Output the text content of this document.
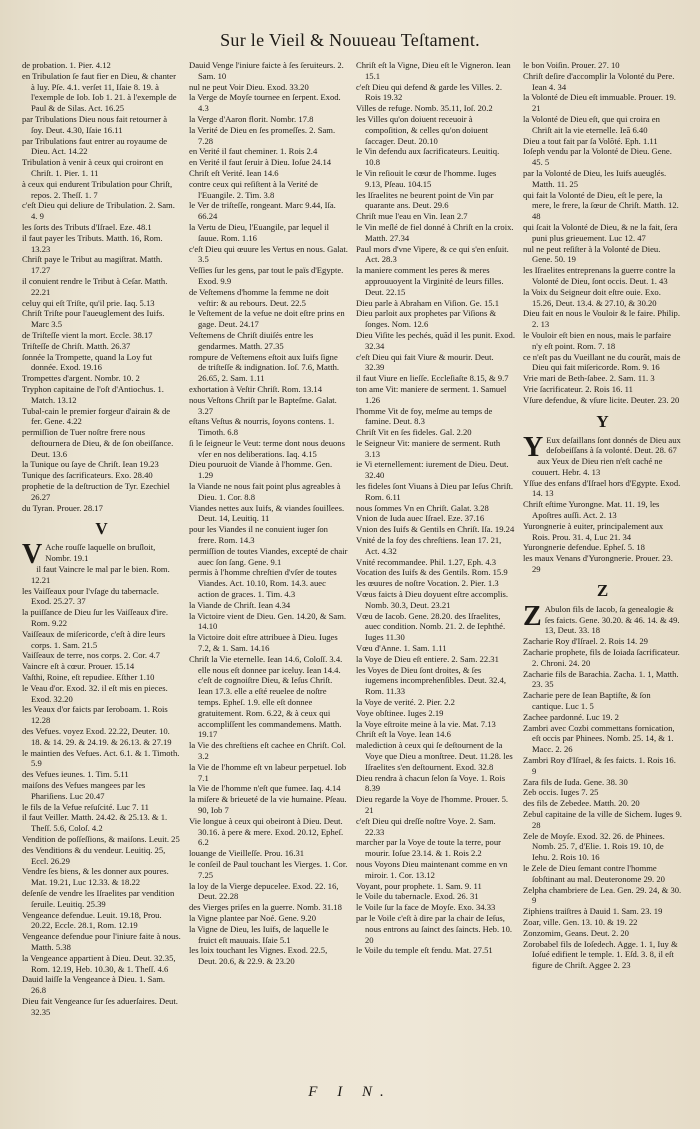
Sur le Vieil & Nouueau Teſtament.

de probation. 1. Pier. 4.12

en Tribulation ſe faut fier en Dieu, & chanter à luy. Pſe. 4.1. verſet 11, Iſaie 8. 19. à l'exemple de Iob. Iob 1. 21. à l'exemple de Paul & de Silas. Act. 16.25

par Tribulations Dieu nous fait retourner à ſoy. Deut. 4.30, Iſaie 16.11

par Tribulations faut entrer au royaume de Dieu. Act. 14.22

Tribulation à venir à ceux qui croiront en Chriſt. 1. Pier. 1. 11

à ceux qui endurent Tribulation pour Chriſt, repos. 2. Theſſ. 1. 7

c'eſt Dieu qui deliure de Tribulation. 2. Sam. 4. 9

les ſorts des Tributs d'Iſrael. Eze. 48.1

il faut payer les Tributs. Matth. 16, Rom. 13.23

Chriſt paye le Tribut au magiſtrat. Matth. 17.27

il conuient rendre le Tribut à Ceſar. Matth. 22.21

celuy qui eſt Triſte, qu'il prie. Iaq. 5.13

Chriſt Triſte pour l'aueuglement des Iuifs. Marc 3.5

de Triſteſſe vient la mort. Eccle. 38.17

Triſteſſe de Chriſt. Matth. 26.37

ſonnée la Trompette, quand la Loy fut donnée. Exod. 19.16

Trompettes d'argent. Nombr. 10. 2

Tryphon capitaine de l'oſt d'Antiochus. 1. Match. 13.12

Tubal-cain le premier forgeur d'airain & de fer. Gene. 4.22

permiſſion de Tuer noſtre frere nous deſtournera de Dieu, & de ſon obeiſſance. Deut. 13.6

la Tunique ou ſaye de Chriſt. Iean 19.23

Tunique des ſacrificateurs. Exo. 28.40

prophetie de la deſtruction de Tyr. Ezechiel 26.27

du Tyran. Prouer. 28.17

V

V Ache rouſſe laquelle on bruſloit, Nombr. 19.1

il faut Vaincre le mal par le bien. Rom. 12.21

les Vaiſſeaux pour l'vſage du tabernacle. Exod. 25.27. 37

la puiſſance de Dieu ſur les Vaiſſeaux d'ire. Rom. 9.22

Vaiſſeaux de miſericorde, c'eſt à dire leurs corps. 1. Sam. 21.5

Vaiſſeaux de terre, nos corps. 2. Cor. 4.7

Vaincre eſt à cœur. Prouer. 15.14

Vaſthi, Roine, eſt repudiee. Eſther 1.10

le Veau d'or. Exod. 32. il eſt mis en pieces. Exod. 32.20

les Veaux d'or faicts par Ieroboam. 1. Rois 12.28

des Vefues. voyez Exod. 22.22, Deuter. 10. 18. & 14. 29. & 24.19. & 26.13. & 27.19

le maintien des Vefues. Act. 6.1. & 1. Timoth. 5.9

des Vefues ieunes. 1. Tim. 5.11

maiſons des Vefues mangees par les Phariſiens. Luc 20.47

le fils de la Vefue reſuſcité. Luc 7. 11

il faut Veiller. Matth. 24.42. & 25.13. & 1. Theſſ. 5.6, Coloſ. 4.2

Vendition de poſſeſſions, & maiſons. Leuit. 25

des Venditions & du vendeur. Leuitiq. 25, Eccl. 26.29

Vendre ſes biens, & les donner aux poures. Mat. 19.21, Luc 12.33. & 18.22

deſenſe de vendre les Iſraelites par vendition ſeruile. Leuitiq. 25.39

Vengeance defendue. Leuit. 19.18, Prou. 20.22, Eccle. 28.1, Rom. 12.19

Vengeance defendue pour l'iniure faite à nous. Matth. 5.38

la Vengeance appartient à Dieu. Deut. 32.35, Rom. 12.19, Heb. 10.30, & 1. Theſſ. 4.6

Dauid laiſſe la Vengeance à Dieu. 1. Sam. 26.8

Dieu fait Vengeance ſur ſes aduerſaires. Deut. 32.35

Dauid Venge l'iniure faicte à ſes ſeruiteurs. 2. Sam. 10

nul ne peut Voir Dieu. Exod. 33.20

la Verge de Moyſe tournee en ſerpent. Exod. 4.3

la Verge d'Aaron florit. Nombr. 17.8

la Verité de Dieu en ſes promeſſes. 2. Sam. 7.28

en Verité il faut cheminer. 1. Rois 2.4

en Verité il faut ſeruir à Dieu. Ioſue 24.14

Chriſt eſt Verité. Iean 14.6

contre ceux qui reſiſtent à la Verité de l'Euangile. 2. Tim. 3.8

le Ver de triſteſſe, rongeant. Marc 9.44, Iſa. 66.24

la Vertu de Dieu, l'Euangile, par lequel il ſauue. Rom. 1.16

c'eſt Dieu qui œuure les Vertus en nous. Galat. 3.5

Veſſies ſur les gens, par tout le païs d'Egypte. Exod. 9.9

de Veſtemens d'homme la femme ne doit veſtir: & au rebours. Deut. 22.5

le Veſtement de la vefue ne doit eſtre prins en gage. Deut. 24.17

Veſtemens de Chriſt diuiſés entre les gendarmes. Matth. 27.35

rompure de Veſtemens eſtoit aux Iuifs ſigne de triſteſſe & indignation. Ioſ. 7.6, Matth. 26.65, 2. Sam. 1.11

exhortation à Veſtir Chriſt. Rom. 13.14

nous Veſtons Chriſt par le Bapteſme. Galat. 3.27

eſtans Veſtus & nourris, ſoyons contens. 1. Timoth. 6.8

ſi le ſeigneur le Veut: terme dont nous deuons vſer en nos deliberations. Iaq. 4.15

Dieu pouruoit de Viande à l'homme. Gen. 1.29

la Viande ne nous fait point plus agreables à Dieu. 1. Cor. 8.8

Viandes nettes aux Iuifs, & viandes ſouillees. Deut. 14, Leuitiq. 11

pour les Viandes il ne conuient iuger ſon frere. Rom. 14.3

permiſſion de toutes Viandes, excepté de chair auec ſon ſang. Gene. 9.1

permis à l'homme chreſtien d'vſer de toutes Viandes. Act. 10.10, Rom. 14.3. auec action de graces. 1. Tim. 4.3

la Viande de Chriſt. Iean 4.34

la Victoire vient de Dieu. Gen. 14.20, & Sam. 14.10

la Victoire doit eſtre attribuee à Dieu. Iuges 7.2, & 1. Sam. 14.16

Chriſt la Vie eternelle. Iean 14.6, Coloſſ. 3.4. elle nous eſt donnee par iceluy. Iean 14.4. c'eſt de cognoiſtre Dieu, & Ieſus Chriſt. Iean 17.3. elle a eſté reuelee de noſtre temps. Epheſ. 1.9. elle eſt donnee gratuitement. Rom. 6.22, & à ceux qui accompliſſent les commandemens. Matth. 19.17

la Vie des chreſtiens eſt cachee en Chriſt. Col. 3.2

la Vie de l'homme eſt vn labeur perpetuel. Iob 7.1

la Vie de l'homme n'eſt que fumee. Iaq. 4.14

la miſere & brieueté de la vie humaine. Pſeau. 90, Iob 7

Vie longue à ceux qui obeiront à Dieu. Deut. 30.16. à pere & mere. Exod. 20.12, Epheſ. 6.2

louange de Vieilleſſe. Prou. 16.31

le conſeil de Paul touchant les Vierges. 1. Cor. 7.25

la loy de la Vierge depucelee. Exod. 22. 16, Deut. 22.28

des Vierges priſes en la guerre. Nomb. 31.18

la Vigne plantee par Noé. Gene. 9.20

la Vigne de Dieu, les Iuifs, de laquelle le fruict eſt mauuais. Iſaie 5.1

les loix touchant les Vignes. Exod. 22.5, Deut. 20.6, & 22.9. & 23.20

Chriſt eſt la Vigne, Dieu eſt le Vigneron. Iean 15.1

c'eſt Dieu qui defend & garde les Villes. 2. Rois 19.32

Villes de refuge. Nomb. 35.11, Ioſ. 20.2

les Villes qu'on doiuent receuoir à compoſition, & celles qu'on doiuent ſaccager. Deut. 20.10

le Vin defendu aux ſacrificateurs. Leuitiq. 10.8

le Vin reſiouit le cœur de l'homme. Iuges 9.13, Pſeau. 104.15

les Iſraelites ne beurent point de Vin par quarante ans. Deut. 29.6

Chriſt mue l'eau en Vin. Iean 2.7

le Vin meſlé de fiel donné à Chriſt en la croix. Matth. 27.34

Paul mors d'vne Vipere, & ce qui s'en enſuit. Act. 28.3

la maniere comment les peres & meres approuuoyent la Virginité de leurs filles. Deut. 22.15

Dieu parle à Abraham en Viſion. Ge. 15.1

Dieu parloit aux prophetes par Viſions & ſonges. Nom. 12.6

Dieu Viſite les pechés, quād il les punit. Exod. 32.34

c'eſt Dieu qui fait Viure & mourir. Deut. 32.39

il faut Viure en lieſſe. Eccleſiaſte 8.15, & 9.7

ton ame Vit: maniere de serment. 1. Samuel 1.26

l'homme Vit de foy, meſme au temps de famine. Deut. 8.3

Chriſt Vit en ſes fideles. Gal. 2.20

le Seigneur Vit: maniere de serment. Ruth 3.13

ie Vi eternellement: iurement de Dieu. Deut. 32.40

les fideles ſont Viuans à Dieu par Ieſus Chriſt. Rom. 6.11

nous ſommes Vn en Chriſt. Galat. 3.28

Vnion de Iuda auec Iſrael. Eze. 37.16

Vnion des Iuifs & Gentils en Chriſt. Iſa. 19.24

Vnité de la foy des chreſtiens. Iean 17. 21, Act. 4.32

Vnité recommandee. Phil. 1.27, Eph. 4.3

Vocation des Iuifs & des Gentils. Rom. 15.9

les œuures de noſtre Vocation. 2. Pier. 1.3

Vœus faicts à Dieu doyuent eſtre accomplis. Nomb. 30.3, Deut. 23.21

Vœu de Iacob. Gene. 28.20. des Iſraelites, auec condition. Nomb. 21. 2. de Iephthé. Iuges 11.30

Vœu d'Anne. 1. Sam. 1.11

la Voye de Dieu eſt entiere. 2. Sam. 22.31

les Voyes de Dieu ſont droites, & ſes iugemens incomprehenſibles. Deut. 32.4, Rom. 11.33

la Voye de verité. 2. Pier. 2.2

Voye obſtinee. Iuges 2.19

la Voye eſtroite meine à la vie. Mat. 7.13

Chriſt eſt la Voye. Iean 14.6

malediction à ceux qui ſe deſtournent de la Voye que Dieu a monſtree. Deut. 11.28. les Iſraelites s'en deſtournent. Exod. 32.8

Dieu rendra à chacun ſelon ſa Voye. 1. Rois 8.39

Dieu regarde la Voye de l'homme. Prouer. 5. 21

c'eſt Dieu qui dreſſe noſtre Voye. 2. Sam. 22.33

marcher par la Voye de toute la terre, pour mourir. Ioſue 23.14. & 1. Rois 2.2

nous Voyons Dieu maintenant comme en vn miroir. 1. Cor. 13.12

Voyant, pour prophete. 1. Sam. 9. 11

le Voile du tabernacle. Exod. 26. 31

le Voile ſur la face de Moyſe. Exo. 34.33

par le Voile c'eſt à dire par la chair de Ieſus, nous entrons au ſainct des ſaincts. Heb. 10. 20

le Voile du temple eſt fendu. Mat. 27.51

le bon Voiſin. Prouer. 27. 10

Chriſt deſire d'accomplir la Volonté du Pere. Iean 4. 34

la Volonté de Dieu eſt immuable. Prouer. 19. 21

la Volonté de Dieu eſt, que qui croira en Chriſt ait la vie eternelle. Ieā 6.40

Dieu a tout fait par ſa Volõté. Eph. 1.11

Ioſeph vendu par la Volonté de Dieu. Gene. 45. 5

par la Volonté de Dieu, les Iuifs aueuglés. Matth. 11. 25

qui fait la Volonté de Dieu, eſt le pere, la mere, le frere, la ſœur de Chriſt. Matth. 12. 48

qui ſcait la Volonté de Dieu, & ne la fait, ſera puni plus grieuement. Luc 12. 47

nul ne peut reſiſter à la Volonté de Dieu. Gene. 50. 19

les Iſraelites entreprenans la guerre contre la Volonté de Dieu, ſont occis. Deut. 1. 43

la Voix du Seigneur doit eſtre ouie. Exo. 15.26, Deut. 13.4. & 27.10, & 30.20

Dieu fait en nous le Vouloir & le faire. Philip. 2. 13

le Vouloir eſt bien en nous, mais le parfaire n'y eſt point. Rom. 7. 18

ce n'eſt pas du Vueillant ne du courāt, mais de Dieu qui fait miſericorde. Rom. 9. 16

Vrie mari de Beth-ſabee. 2. Sam. 11. 3

Vrie ſacrificateur. 2. Rois 16. 11

Vſure defendue, & vſure licite. Deuter. 23. 20

Y

Y Eux deſaillans ſont donnés de Dieu aux deſobeiſſans à ſa volonté. Deut. 28. 67

aux Yeux de Dieu rien n'eſt caché ne couuert. Hebr. 4. 13

Yſſue des enfans d'Iſrael hors d'Egypte. Exod. 14. 13

Chriſt eſtime Yurongne. Mat. 11. 19, les Apoſtres auſſi. Act. 2. 13

Yurongnerie à euiter, principalement aux Rois. Prou. 31. 4, Luc 21. 34

Yurongnerie defendue. Epheſ. 5. 18

les maux Venans d'Yurongnerie. Prouer. 23. 29

Z

Z Abulon fils de Iacob, ſa genealogie & ſes faicts. Gene. 30.20. & 46. 14. & 49. 13, Deut. 33. 18

Zacharie Roy d'Iſrael. 2. Rois 14. 29

Zacharie prophete, fils de Ioiada ſacrificateur. 2. Chroni. 24. 20

Zacharie fils de Barachia. Zacha. 1. 1, Matth. 23. 35

Zacharie pere de Iean Baptiſte, & ſon cantique. Luc 1. 5

Zachee pardonné. Luc 19. 2

Zambri avec Cozbi commettans fornication, eſt occis par Phinees. Nomb. 25. 14, & 1. Macc. 2. 26

Zambri Roy d'Iſrael, & ſes faicts. 1. Rois 16. 9

Zara fils de Iuda. Gene. 38. 30

Zeb occis. Iuges 7. 25

des fils de Zebedee. Matth. 20. 20

Zebul capitaine de la ville de Sichem. Iuges 9. 28

Zele de Moyſe. Exod. 32. 26. de Phinees. Nomb. 25. 7, d'Elie. 1. Rois 19. 10, de Iehu. 2. Rois 10. 16

le Zele de Dieu ſemant contre l'homme ſobſtinant au mal. Deuteronome 29. 20

Zelpha chambriere de Lea. Gen. 29. 24, & 30. 9

Ziphiens traiſtres à Dauid 1. Sam. 23. 19

Zoar, ville. Gen. 13. 10. & 19. 22

Zonzomim, Geans. Deut. 2. 20

Zorobabel fils de Ioſedech. Agge. 1. 1, Iuy & Ioſué edifient le temple. 1. Eſd. 3. 8, il eſt figure de Chriſt. Aggee 2. 23

F I N.
